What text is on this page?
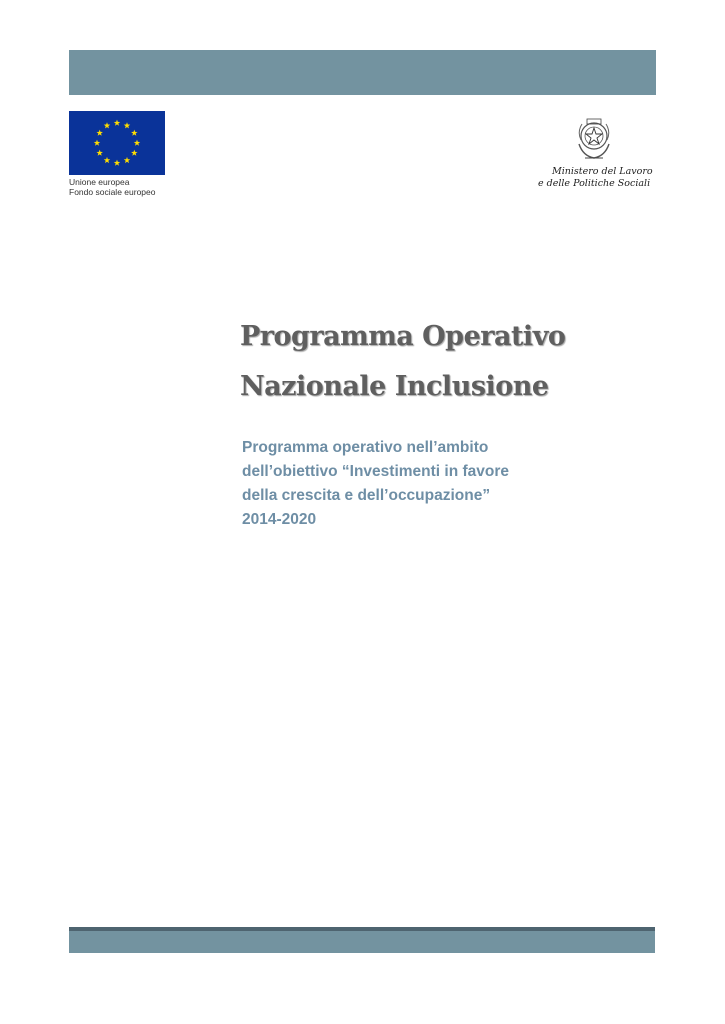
Unione europea
Fondo sociale europeo
Ministero del Lavoro
e delle Politiche Sociali
Programma Operativo
Nazionale Inclusione
Programma operativo nell’ambito
dell’obiettivo “Investimenti in favore
della crescita e dell’occupazione”
2014-2020
